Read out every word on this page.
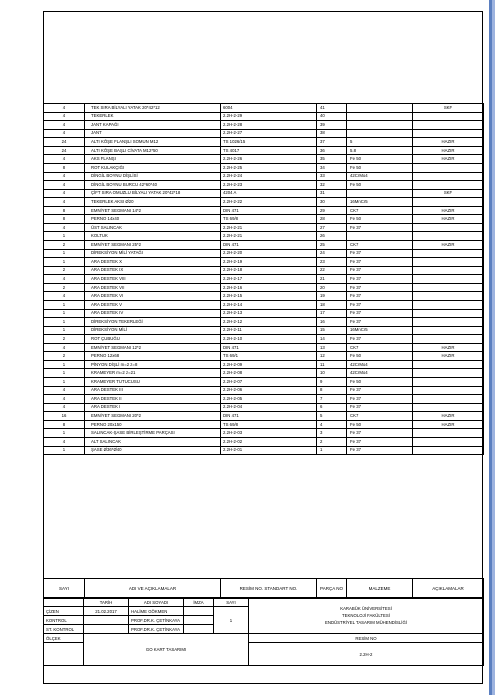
4	TEK SIRA BİLYALI YATAK 20*42*12	6004	41		SKF
4	TEKERLEK	2.2H-2-29	40		
4	JANT KAPAĞI	2.2H-2-28	39		
4	JANT	2.2H-2-27	38		
24	ALTI KÖŞE FLANŞLI SOMUN M12	TS 1026/15	37	5	HAZIR
24	ALTI KÖŞE BAŞLI CİVATA M12*50	TS 4017	36	5.8	HAZIR
4	AKS FLANŞI	2.2H-2-26	35	Fe 50	HAZIR
8	ROT KULAKÇIĞI	2.2H-2-25	34	Fe 50	
4	DİNGİL BOYNU DİŞLİSİ	2.2H-2-24	33	42CrMo4	
4	DİNGİL BOYNU BURCU 42*60*40	2.2H-2-23	32	Fe 50	
4	ÇİFT SIRA OMUZLU BİLYALI YATAK 20*42*18	4204 A	31		SKF
4	TEKERLEK AKSI Ø20	2.2H-2-22	30	16MnCr5	
8	EMNİYET SEGMANI 14*2	DIN 471	29	CK7	HAZIR
8	PERNO 14x40	TS 69/8	28	Fe 50	HAZIR
4	ÜST SALINCAK	2.2H-2-21	27	Fe 37	
1	KOLTUK	2.2H-2-21	26		
2	EMNİYET SEGMANI 25*2	DIN 471	25	CK7	HAZIR
1	DİREKSİYON MİLİ YATAĞI	2.2H-2-20	24	Fe 37	
1	ARA DESTEK X	2.2H-2-19	23	Fe 37	
2	ARA DESTEK IX	2.2H-2-18	22	Fe 37	
4	ARA DESTEK VIII	2.2H-2-17	21	Fe 37	
2	ARA DESTEK VII	2.2H-2-16	20	Fe 37	
4	ARA DESTEK VI	2.2H-2-15	19	Fe 37	
1	ARA DESTEK V	2.2H-2-14	18	Fe 37	
1	ARA DESTEK IV	2.2H-2-13	17	Fe 37	
1	DİREKSİYON TEKERLEĞİ	2.2H-2-12	16	Fe 37	
1	DİREKSİYON MİLİ	2.2H-2-11	15	16MnCr5	
2	ROT ÇUBUĞU	2.2H-2-10	14	Fe 37	
4	EMNİYET SEGMANI 12*2	DIN 471	13	CK7	HAZIR
2	PERNO 12x68	TS 69/1	12	Fe 50	HAZIR
1	PİNYON DİŞLİ m=2 z=8	2.2H-2-09	11	42CrMo4	
1	KRAMEYER m=2 z=21	2.2H-2-08	10	42CrMo4	
1	KRAMEYER TUTUCUSU	2.2H-2-07	9	Fe 50	
4	ARA DESTEK III	2.2H-2-06	8	Fe 37	
4	ARA DESTEK II	2.2H-2-05	7	Fe 37	
4	ARA DESTEK I	2.2H-2-04	6	Fe 37	
16	EMNİYET SEGMANI 20*2	DIN 471	5	CK7	HAZIR
8	PERNO 20x150	TS 69/8	4	Fe 50	HAZIR
1	SALINCAK-ŞASE BİRLEŞTİRME PARÇASI	2.2H-2-03	3	Fe 37	
4	ALT SALINCAK	2.2H-2-02	2	Fe 37	
1	ŞASE Ø36*Ø40	2.2H-2-01	1	Fe 37	
SAYI	ADI VE AÇIKLAMALAR	RESİM NO. STANDART NO.	PARÇA NO	MALZEME	AÇIKLAMALAR
	TARİH	ADI SOYADI	İMZA	SAYI	KARABÜK ÜNİVERSİTESİ
TEKNOLOJİ FAKÜLTESİ
ENDÜSTRİYEL TASARIM MÜHENDİSLİĞİ

ÇİZEN	21.02.2017	HALİME GÖKMEN		1	
KONTROL		PROF.DR.K. ÇETİNKAYA			
ST. KONTROL		PROF.DR.K. ÇETİNKAYA			
ÖLÇEK	GO KART TASARIMI				RESİM NO
					2.2H-2
